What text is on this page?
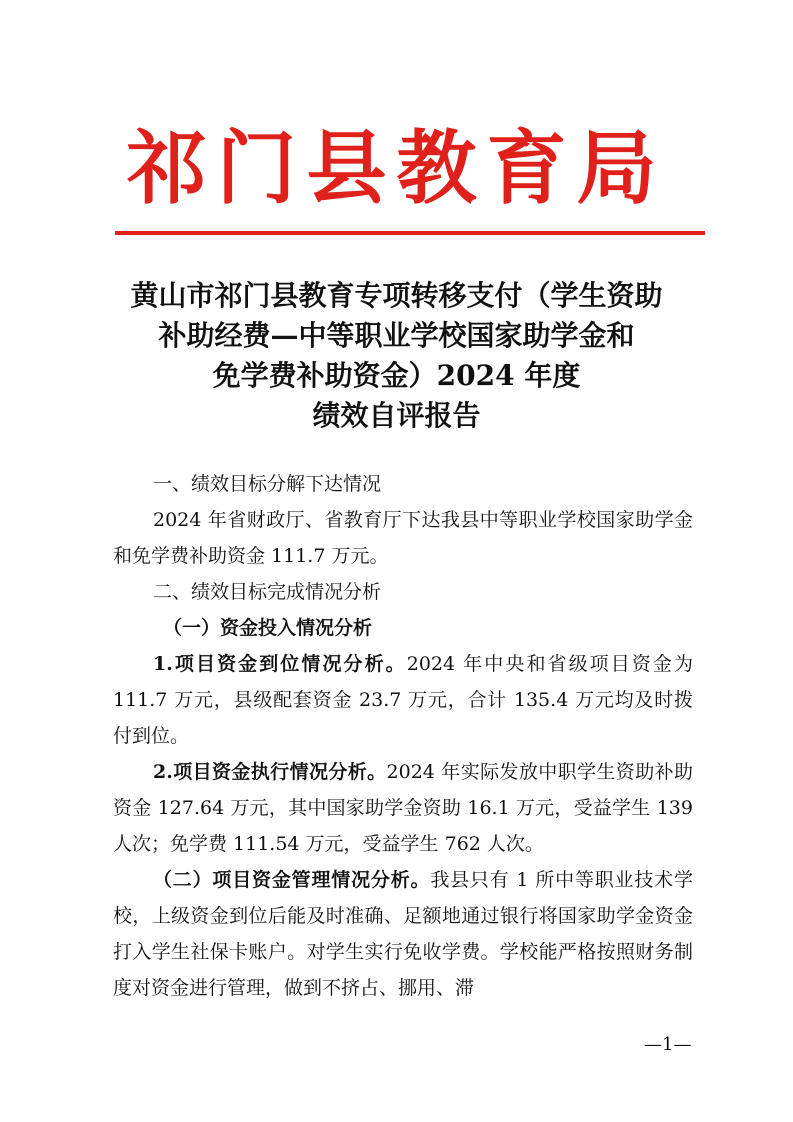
祁门县教育局
黄山市祁门县教育专项转移支付（学生资助
补助经费—中等职业学校国家助学金和
免学费补助资金）2024 年度
绩效自评报告

一、绩效目标分解下达情况

2024 年省财政厅、省教育厅下达我县中等职业学校国家助学金和免学费补助资金 111.7 万元。

二、绩效目标完成情况分析

（一）资金投入情况分析

1.项目资金到位情况分析。2024 年中央和省级项目资金为 111.7 万元，县级配套资金 23.7 万元，合计 135.4 万元均及时拨付到位。

2.项目资金执行情况分析。2024 年实际发放中职学生资助补助资金 127.64 万元，其中国家助学金资助 16.1 万元，受益学生 139 人次；免学费 111.54 万元，受益学生 762 人次。

（二）项目资金管理情况分析。我县只有 1 所中等职业技术学校，上级资金到位后能及时准确、足额地通过银行将国家助学金资金打入学生社保卡账户。对学生实行免收学费。学校能严格按照财务制度对资金进行管理，做到不挤占、挪用、滞

—1—
